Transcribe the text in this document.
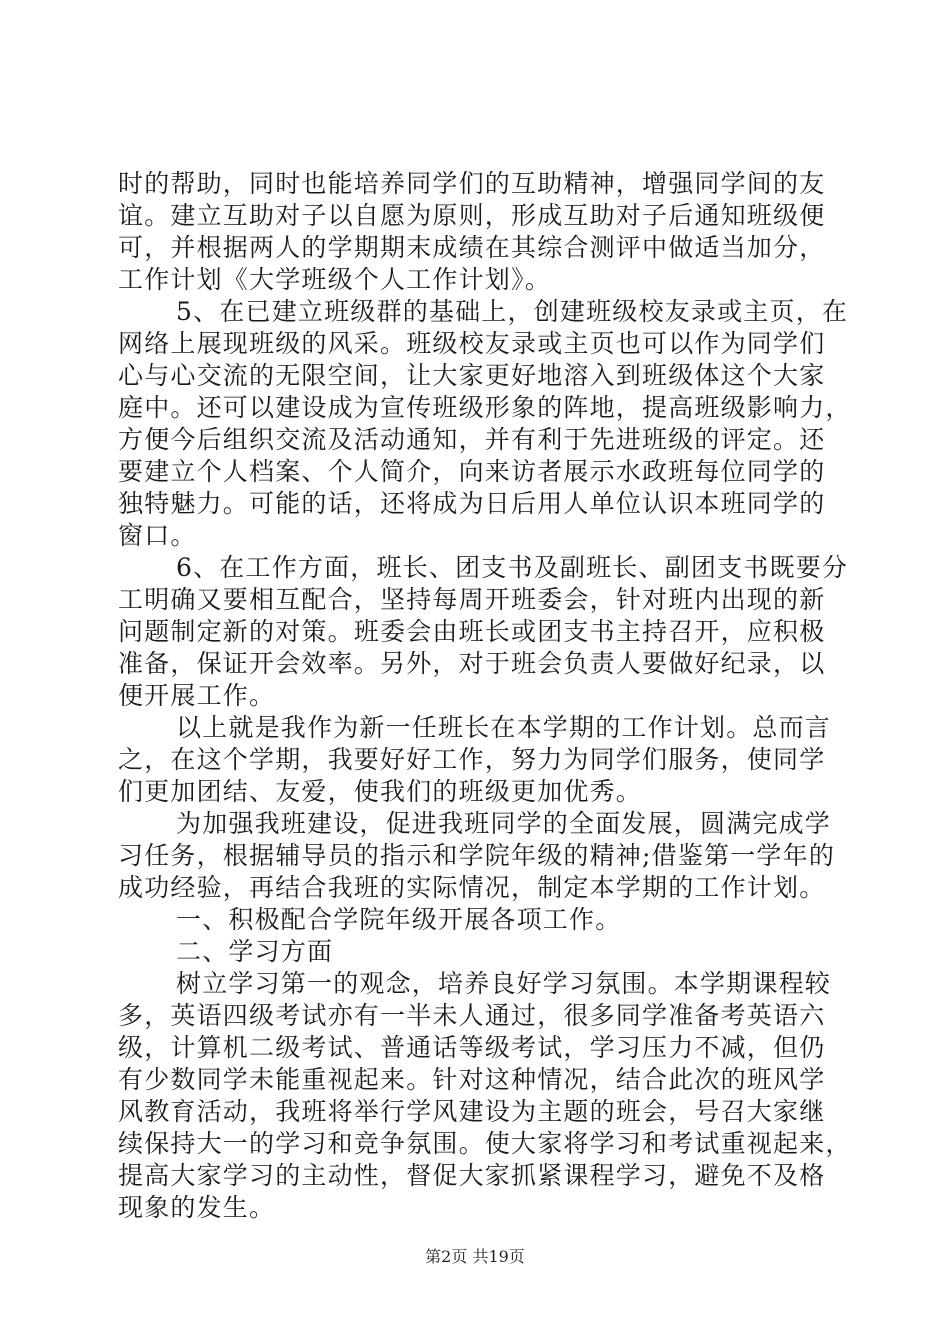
时的帮助，同时也能培养同学们的互助精神，增强同学间的友
谊。建立互助对子以自愿为原则，形成互助对子后通知班级便
可，并根据两人的学期期末成绩在其综合测评中做适当加分，
工作计划《大学班级个人工作计划》。
5、在已建立班级群的基础上，创建班级校友录或主页，在
网络上展现班级的风采。班级校友录或主页也可以作为同学们
心与心交流的无限空间，让大家更好地溶入到班级体这个大家
庭中。还可以建设成为宣传班级形象的阵地，提高班级影响力，
方便今后组织交流及活动通知，并有利于先进班级的评定。还
要建立个人档案、个人简介，向来访者展示水政班每位同学的
独特魅力。可能的话，还将成为日后用人单位认识本班同学的
窗口。
6、在工作方面，班长、团支书及副班长、副团支书既要分
工明确又要相互配合，坚持每周开班委会，针对班内出现的新
问题制定新的对策。班委会由班长或团支书主持召开，应积极
准备，保证开会效率。另外，对于班会负责人要做好纪录，以
便开展工作。
以上就是我作为新一任班长在本学期的工作计划。总而言
之，在这个学期，我要好好工作，努力为同学们服务，使同学
们更加团结、友爱，使我们的班级更加优秀。
为加强我班建设，促进我班同学的全面发展，圆满完成学
习任务，根据辅导员的指示和学院年级的精神;借鉴第一学年的
成功经验，再结合我班的实际情况，制定本学期的工作计划。
一、积极配合学院年级开展各项工作。
二、学习方面
树立学习第一的观念，培养良好学习氛围。本学期课程较
多，英语四级考试亦有一半未人通过，很多同学准备考英语六
级，计算机二级考试、普通话等级考试，学习压力不减，但仍
有少数同学未能重视起来。针对这种情况，结合此次的班风学
风教育活动，我班将举行学风建设为主题的班会，号召大家继
续保持大一的学习和竞争氛围。使大家将学习和考试重视起来，
提高大家学习的主动性，督促大家抓紧课程学习，避免不及格
现象的发生。
第2页 共19页
